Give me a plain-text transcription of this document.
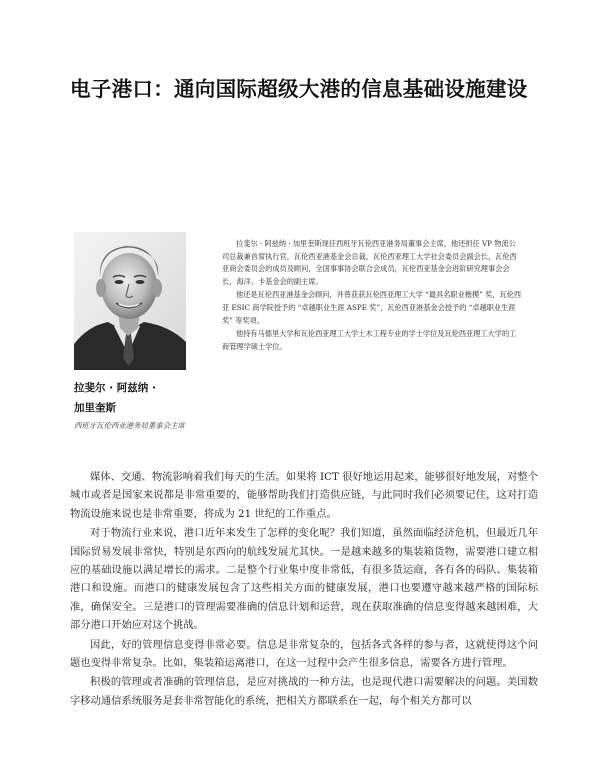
电子港口：通向国际超级大港的信息基础设施建设

拉斐尔 · 阿兹纳 · 加里奎斯现任西班牙瓦伦西亚港务局董事会主席，他还担任 VP 物流公司总裁兼首席执行官，瓦伦西亚港基金会总裁，瓦伦西亚理工大学社会委员会副会长，瓦伦西亚商会委员会的成员及顾问，全国事事协会联合会成员，瓦伦西亚基金会进阶研究理事会会长，海洋、卡基金会的副主席。

他还是瓦伦西亚港基金会顾问，并曾获获瓦伦西亚理工大学 “最具名职业楷模” 奖，瓦伦西亚 ESIC 商学院授予的 “卓越职业生涯 ASPE 奖”，瓦伦西亚港基金会授予的 “卓越职业生涯奖” 等奖项。

他持有马德里大学和瓦伦西亚理工大学土木工程专业的学士学位及瓦伦西亚理工大学的工商管理学硕士学位。

拉斐尔 · 阿兹纳 ·
加里奎斯
西班牙瓦伦西亚港务局董事会主席

媒体、交通、物流影响着我们每天的生活。如果将 ICT 很好地运用起来，能够很好地发展，对整个城市或者是国家来说都是非常重要的，能够帮助我们打造供应链，与此同时我们必须要记住，这对打造物流设施来说也是非常重要，将成为 21 世纪的工作重点。

对于物流行业来说，港口近年来发生了怎样的变化呢？我们知道，虽然面临经济危机，但最近几年国际贸易发展非常快，特别是东西向的航线发展尤其快。一是越来越多的集装箱货物，需要港口建立相应的基础设施以满足增长的需求。二是整个行业集中度非常低，有很多货运商，各有各的码队、集装箱港口和设施。而港口的健康发展包含了这些相关方面的健康发展，港口也要遵守越来越严格的国际标准，确保安全。三是港口的管理需要准确的信息计划和运营，现在获取准确的信息变得越来越困难，大部分港口开始应对这个挑战。

因此，好的管理信息变得非常必要。信息是非常复杂的，包括各式各样的参与者，这就使得这个问题也变得非常复杂。比如，集装箱运离港口，在这一过程中会产生很多信息，需要各方进行管理。

积极的管理或者准确的管理信息，是应对挑战的一种方法，也是现代港口需要解决的问题。美国数字移动通信系统服务是套非常智能化的系统，把相关方都联系在一起，每个相关方都可以
